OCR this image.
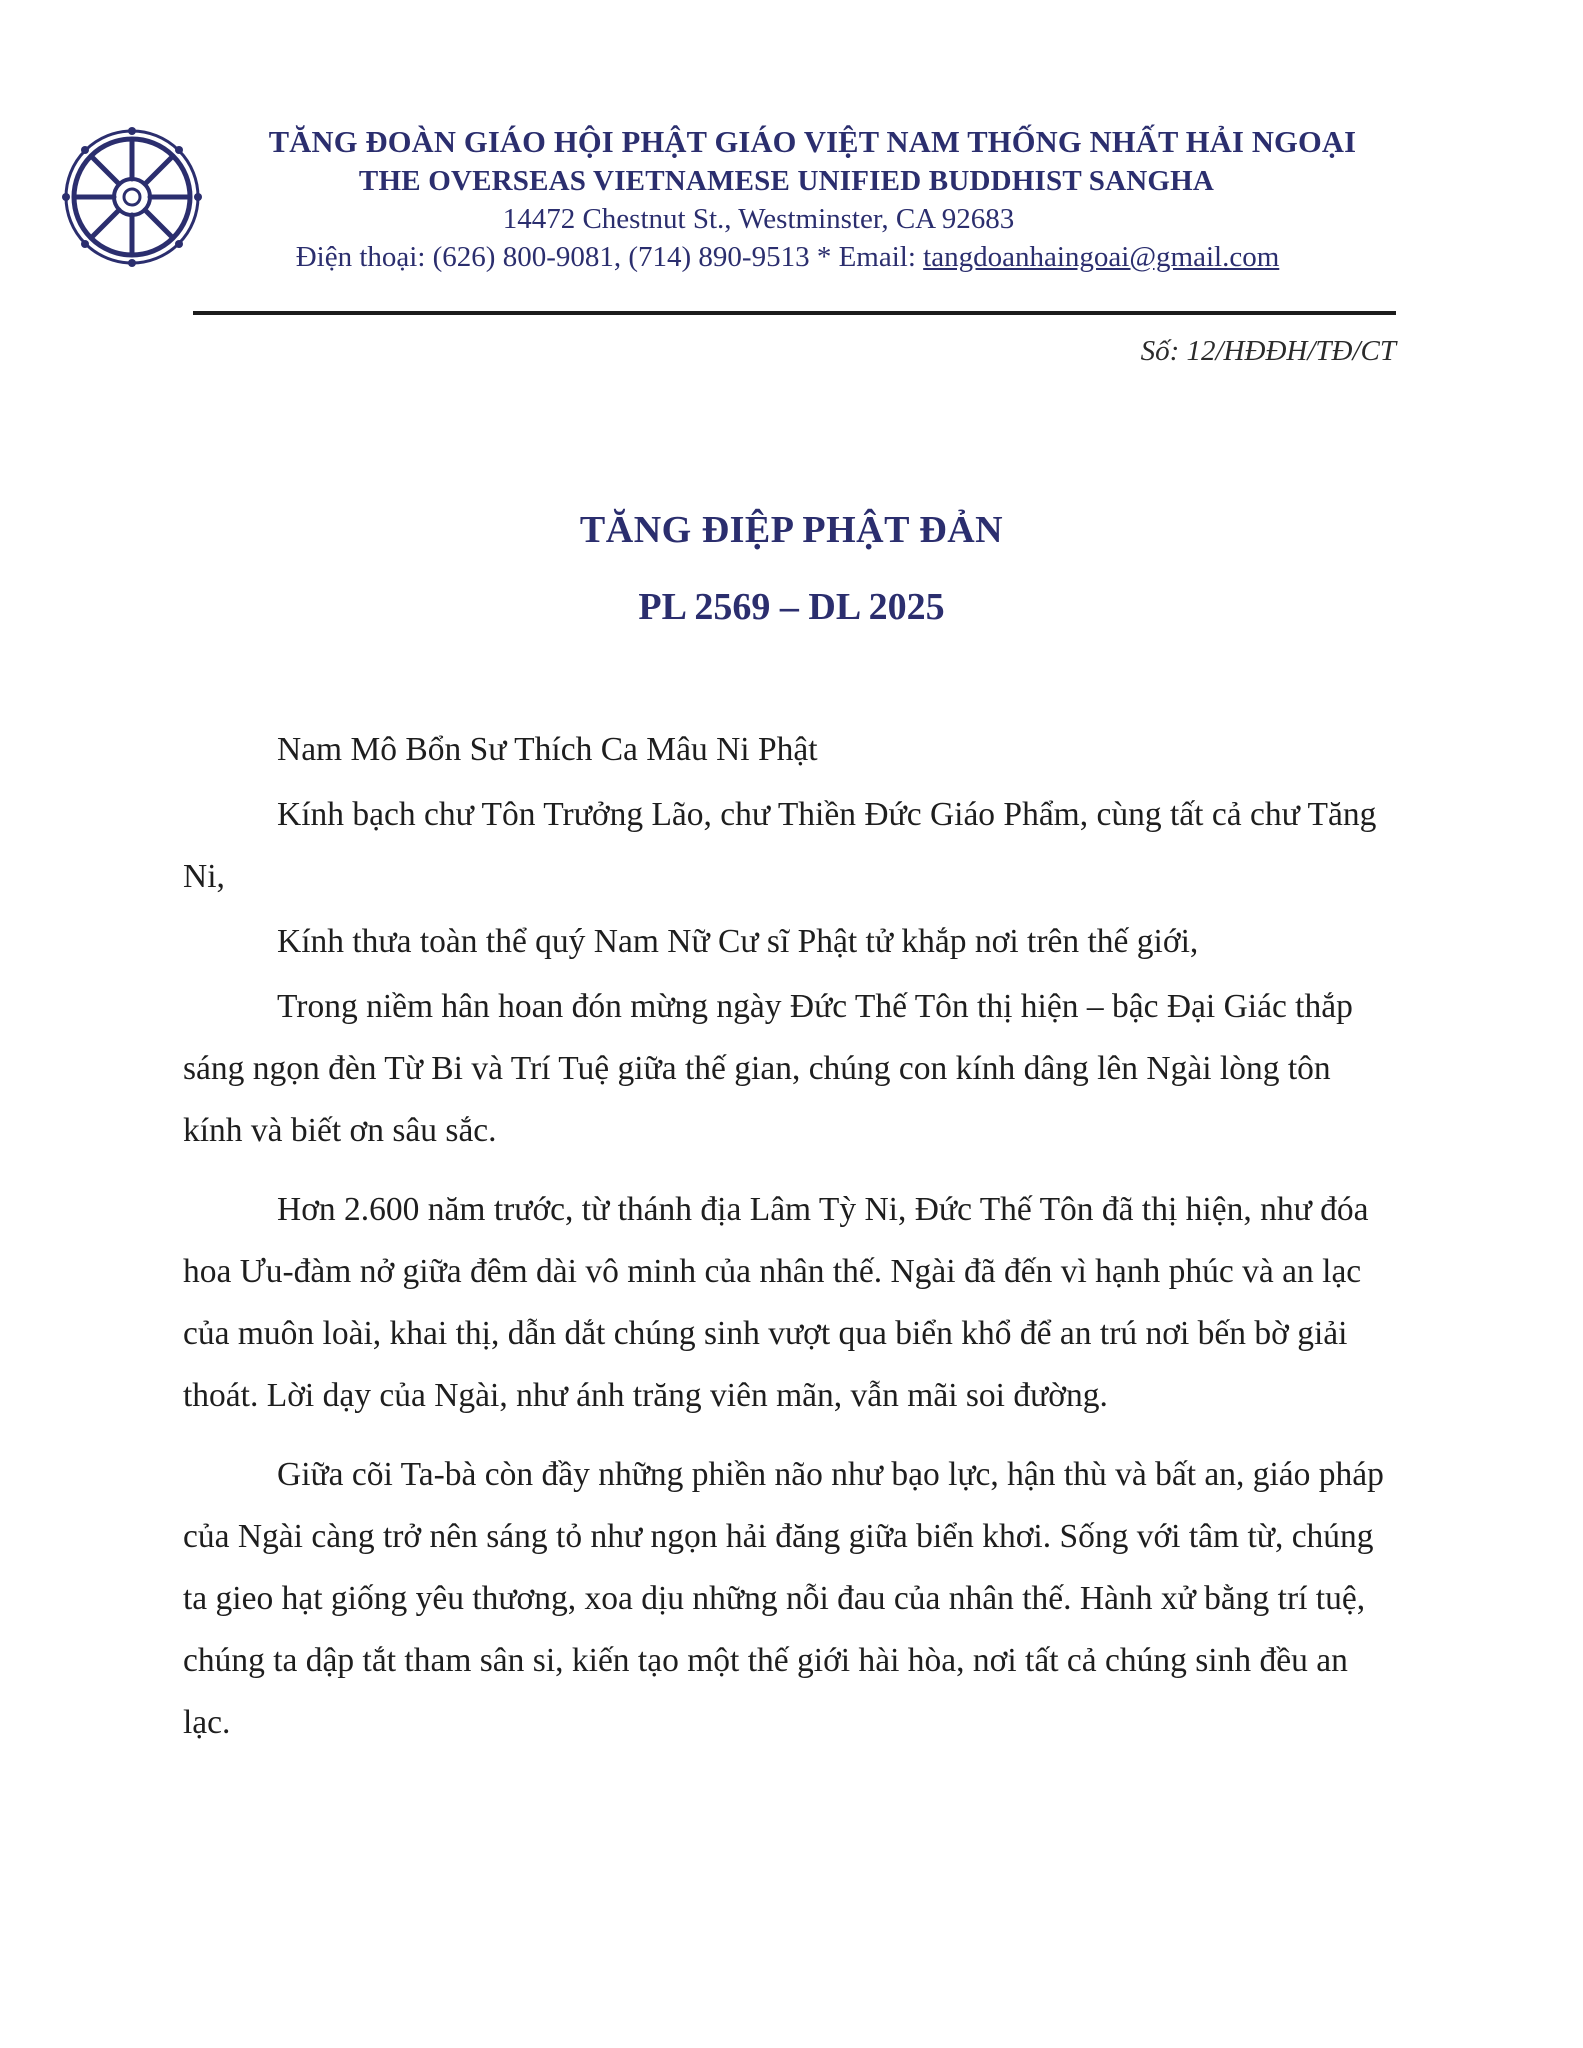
TĂNG ĐOÀN GIÁO HỘI PHẬT GIÁO VIỆT NAM THỐNG NHẤT HẢI NGOẠI
THE OVERSEAS VIETNAMESE UNIFIED BUDDHIST SANGHA
14472 Chestnut St., Westminster, CA 92683
Điện thoại: (626) 800-9081, (714) 890-9513 * Email: tangdoanhaingoai@gmail.com
Số: 12/HĐĐH/TĐ/CT
TĂNG ĐIỆP PHẬT ĐẢN
PL 2569 – DL 2025

Nam Mô Bổn Sư Thích Ca Mâu Ni Phật

Kính bạch chư Tôn Trưởng Lão, chư Thiền Đức Giáo Phẩm, cùng tất cả chư Tăng Ni,

Kính thưa toàn thể quý Nam Nữ Cư sĩ Phật tử khắp nơi trên thế giới,

Trong niềm hân hoan đón mừng ngày Đức Thế Tôn thị hiện – bậc Đại Giác thắp sáng ngọn đèn Từ Bi và Trí Tuệ giữa thế gian, chúng con kính dâng lên Ngài lòng tôn kính và biết ơn sâu sắc.

Hơn 2.600 năm trước, từ thánh địa Lâm Tỳ Ni, Đức Thế Tôn đã thị hiện, như đóa hoa Ưu-đàm nở giữa đêm dài vô minh của nhân thế. Ngài đã đến vì hạnh phúc và an lạc của muôn loài, khai thị, dẫn dắt chúng sinh vượt qua biển khổ để an trú nơi bến bờ giải thoát. Lời dạy của Ngài, như ánh trăng viên mãn, vẫn mãi soi đường.

Giữa cõi Ta-bà còn đầy những phiền não như bạo lực, hận thù và bất an, giáo pháp của Ngài càng trở nên sáng tỏ như ngọn hải đăng giữa biển khơi. Sống với tâm từ, chúng ta gieo hạt giống yêu thương, xoa dịu những nỗi đau của nhân thế. Hành xử bằng trí tuệ, chúng ta dập tắt tham sân si, kiến tạo một thế giới hài hòa, nơi tất cả chúng sinh đều an lạc.
